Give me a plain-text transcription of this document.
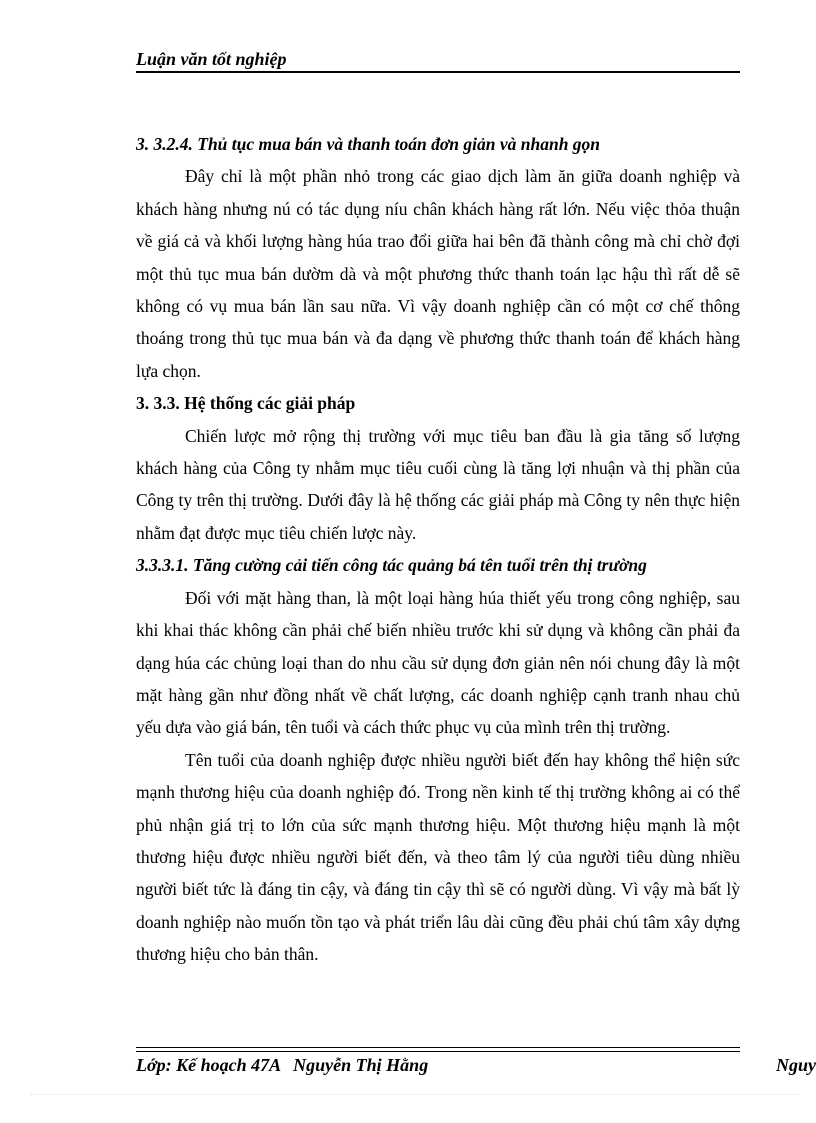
Luận văn tốt nghiệp
3. 3.2.4. Thủ tục mua bán và thanh toán đơn giản và nhanh gọn

Đây chỉ là một phần nhỏ trong các giao dịch làm ăn giữa doanh nghiệp và khách hàng nhưng nú có tác dụng níu chân khách hàng rất lớn. Nếu việc thỏa thuận về giá cả và khối lượng hàng húa trao đổi giữa hai bên đã thành công mà chỉ chờ đợi một thủ tục mua bán dườm dà và một phương thức thanh toán lạc hậu thì rất dễ sẽ không có vụ mua bán lần sau nữa. Vì vậy doanh nghiệp cần có một cơ chế thông thoáng trong thủ tục mua bán và đa dạng về phương thức thanh toán để khách hàng lựa chọn.

3. 3.3. Hệ thống các giải pháp

Chiến lược mở rộng thị trường với mục tiêu ban đầu là gia tăng số lượng khách hàng của Công ty nhằm mục tiêu cuối cùng là tăng lợi nhuận và thị phần của Công ty trên thị trường. Dưới đây là hệ thống các giải pháp mà Công ty nên thực hiện nhằm đạt được mục tiêu chiến lược này.

3.3.3.1. Tăng cường cải tiến công tác quảng bá tên tuổi trên thị trường

Đối với mặt hàng than, là một loại hàng húa thiết yếu trong công nghiệp, sau khi khai thác không cần phải chế biến nhiều trước khi sử dụng và không cần phải đa dạng húa các chủng loại than do nhu cầu sử dụng đơn giản nên nói chung đây là một mặt hàng gần như đồng nhất về chất lượng, các doanh nghiệp cạnh tranh nhau chủ yếu dựa vào giá bán, tên tuổi và cách thức phục vụ của mình trên thị trường.

Tên tuổi của doanh nghiệp được nhiều người biết đến hay không thể hiện sức mạnh thương hiệu của doanh nghiệp đó. Trong nền kinh tế thị trường không ai có thể phủ nhận giá trị to lớn của sức mạnh thương hiệu. Một thương hiệu mạnh là một thương hiệu được nhiều người biết đến, và theo tâm lý của người tiêu dùng nhiều người biết tức là đáng tin cậy, và đáng tin cậy thì sẽ có người dùng. Vì vậy mà bất lỳ doanh nghiệp nào muốn tồn tạo và phát triển lâu dài cũng đều phải chú tâm xây dựng thương hiệu cho bản thân.

Lớp: Kế hoạch 47A Nguyễn Thị Hằng	Nguy
